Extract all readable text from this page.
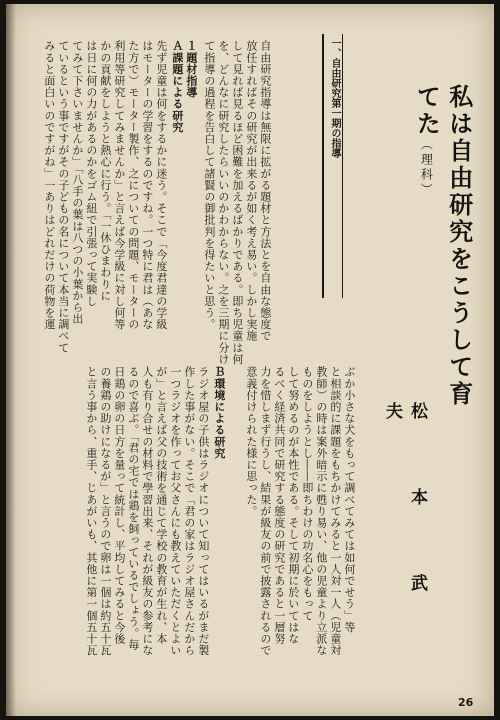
一、自由研究第一期の指導	私は自由研究をこうして育てた（理科）
松　本　武　夫
自由研究指導は無限に拡がる題材と方法とを自由な態度で
放任すればその研究が出来るが如く考え易い。しかし実施
して見れば見るほど困難を加えるばかりである。即ち児童は何
を、どんなに研究したらいいのかわからない。之を三期に分け
て指導の過程を告白して諸賢の御批判を得たいと思う。
１題材指導
Ａ課題による研究
先ず児童は何をするかに迷う。そこで「今度君達の学級
はモーターの学習をするのですね。一つ特に君は（あな
た方で）モーター製作、之についての問題、モーターの
利用等研究してみませんか」と言えば今学級に対し何等
かの貢献をしようと熱心に行う。「一休ひまわりに
は日に何の力があるのかをゴム紐で引張って実験し
てみて下さいませんか」「八手の葉は八つの小葉から出
ているという事ですがその子どもの名について本当に調べて
みると面白いのですがね」一ありはどれだけの荷物を運
ぶか小さな犬をもって調べてみては如何でせう」等
と相談的に課題をもちかけてみると一人対一人（児童対
教師）の時は案外暗示に甦り易い、他の児童より立派な
ものをしようとし――即ちわけの功名心をもって
して努めるのが本性である。そして初期に於いてはな
るべく経済共同で研究する態度の研究であると一層努
力を惜しまず行うし、結果が級友の前で披露されるので
意義付けられた様に思った。
Ｂ環境による研究
ラジオ屋の子供はラジオについて知ってはいるがまだ製
作した事がない。そこで「君の家はラジオ屋さんだから
一つラジオを作ってお父さんにも教えていただくとよい
が」と言えば父の技術を通じて学校の教育が生れ、本
人も有り合せの材料で學習出来、それが級友の参考にな
るので喜ぶ。「君の宅では鶏を飼っているでしょう。毎
日鶏の卵の日方を量って統計し、平均してみると今後
の養鶏の助けになるが」と言うので卵は一個は約五十瓦
と言う事から、重手、じあがいも、其他に第一個五十瓦
26
